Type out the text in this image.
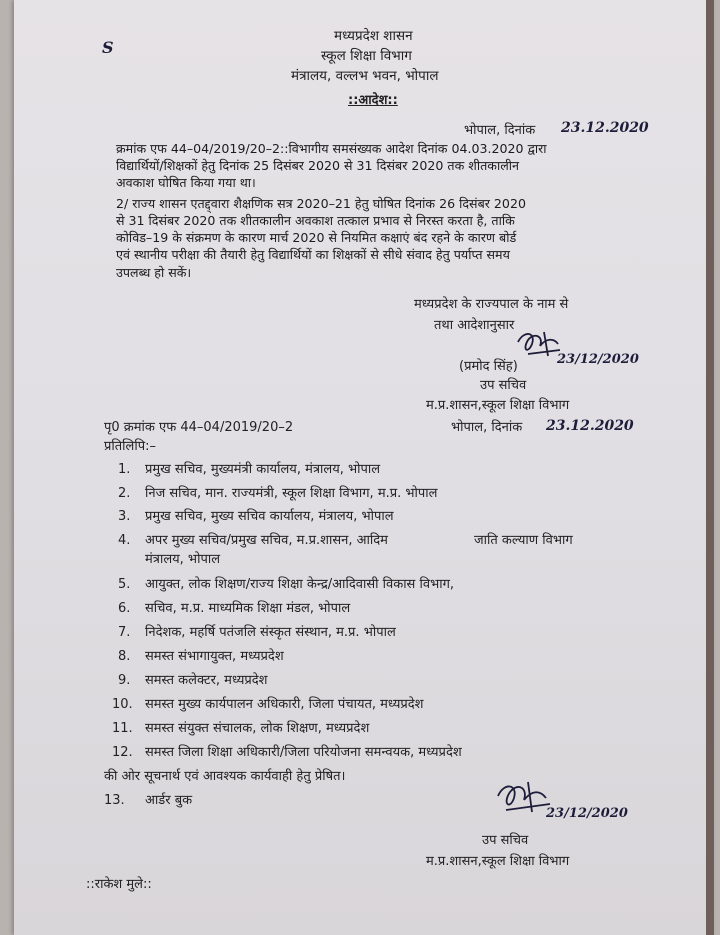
मध्यप्रदेश शासन
स्कूल शिक्षा विभाग
मंत्रालय, वल्लभ भवन, भोपाल
S
::आदेश::
भोपाल, दिनांक 23.12.2020
क्रमांक एफ 44–04/2019/20–2::विभागीय समसंख्यक आदेश दिनांक 04.03.2020 द्वारा
विद्यार्थियों/शिक्षकों हेतु दिनांक 25 दिसंबर 2020 से 31 दिसंबर 2020 तक शीतकालीन
अवकाश घोषित किया गया था।
2/ राज्य शासन एतद्द्वारा शैक्षणिक सत्र 2020–21 हेतु घोषित दिनांक 26 दिसंबर 2020
से 31 दिसंबर 2020 तक शीतकालीन अवकाश तत्काल प्रभाव से निरस्त करता है, ताकि
कोविड–19 के संक्रमण के कारण मार्च 2020 से नियमित कक्षाएं बंद रहने के कारण बोर्ड
एवं स्थानीय परीक्षा की तैयारी हेतु विद्यार्थियों का शिक्षकों से सीधे संवाद हेतु पर्याप्त समय
उपलब्ध हो सकें।
मध्यप्रदेश के राज्यपाल के नाम से
तथा आदेशानुसार
(प्रमोद सिंह)	23/12/2020
उप सचिव
म.प्र.शासन,स्कूल शिक्षा विभाग
पृ0 क्रमांक एफ 44–04/2019/20–2	भोपाल, दिनांक 23.12.2020
प्रतिलिपि:–
1. प्रमुख सचिव, मुख्यमंत्री कार्यालय, मंत्रालय, भोपाल
2. निज सचिव, मान. राज्यमंत्री, स्कूल शिक्षा विभाग, म.प्र. भोपाल
3. प्रमुख सचिव, मुख्य सचिव कार्यालय, मंत्रालय, भोपाल
4. अपर मुख्य सचिव/प्रमुख सचिव, म.प्र.शासन, आदिम	जाति कल्याण विभाग
मंत्रालय, भोपाल
5. आयुक्त, लोक शिक्षण/राज्य शिक्षा केन्द्र/आदिवासी विकास विभाग,
6. सचिव, म.प्र. माध्यमिक शिक्षा मंडल, भोपाल
7. निदेशक, महर्षि पतंजलि संस्कृत संस्थान, म.प्र. भोपाल
8. समस्त संभागायुक्त, मध्यप्रदेश
9. समस्त कलेक्टर, मध्यप्रदेश
10. समस्त मुख्य कार्यपालन अधिकारी, जिला पंचायत, मध्यप्रदेश
11. समस्त संयुक्त संचालक, लोक शिक्षण, मध्यप्रदेश
12. समस्त जिला शिक्षा अधिकारी/जिला परियोजना समन्वयक, मध्यप्रदेश
की ओर सूचनार्थ एवं आवश्यक कार्यवाही हेतु प्रेषित।
13. आर्डर बुक
23/12/2020
उप सचिव
म.प्र.शासन,स्कूल शिक्षा विभाग
::राकेश मुले::
